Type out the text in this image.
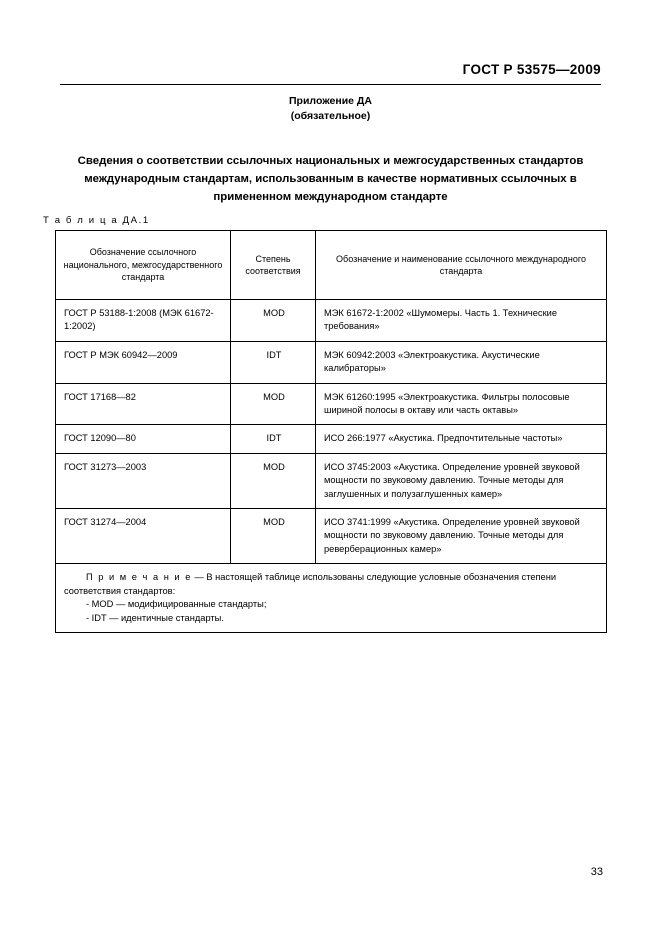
ГОСТ Р 53575—2009
Приложение ДА
(обязательное)
Сведения о соответствии ссылочных национальных и межгосударственных стандартов международным стандартам, использованным в качестве нормативных ссылочных в примененном международном стандарте
Т а б л и ц а ДА.1
Обозначение ссылочного национального, межгосударственного стандарта	Степень соответствия	Обозначение и наименование ссылочного международного стандарта
ГОСТ Р 53188-1:2008 (МЭК 61672-1:2002)	MOD	МЭК 61672-1:2002 «Шумомеры. Часть 1. Технические требования»
ГОСТ Р МЭК 60942—2009	IDT	МЭК 60942:2003 «Электроакустика. Акустические калибраторы»
ГОСТ 17168—82	MOD	МЭК 61260:1995 «Электроакустика. Фильтры полосовые шириной полосы в октаву или часть октавы»
ГОСТ 12090—80	IDT	ИСО 266:1977 «Акустика. Предпочтительные частоты»
ГОСТ 31273—2003	MOD	ИСО 3745:2003 «Акустика. Определение уровней звуковой мощности по звуковому давлению. Точные методы для заглушенных и полузаглушенных камер»
ГОСТ 31274—2004	MOD	ИСО 3741:1999 «Акустика. Определение уровней звуковой мощности по звуковому давлению. Точные методы для реверберационных камер»

П р и м е ч а н и е — В настоящей таблице использованы следующие условные обозначения степени соответствия стандартов:
- MOD — модифицированные стандарты;
- IDT — идентичные стандарты.		
33
